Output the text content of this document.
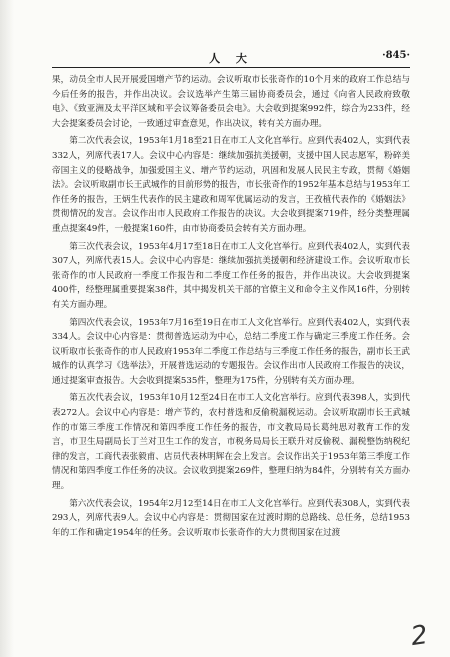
人 大	·845·

果，动员全市人民开展爱国增产节约运动。会议听取市长张奇作的10个月来的政府工作总结与今后任务的报告，并作出决议。会议选举产生第三届协商委员会，通过《向省人民政府致敬电》、《致亚洲及太平洋区域和平会议筹备委员会电》。大会收到提案992件，综合为233件，经大会提案委员会讨论，一致通过审查意见，作出决议，转有关方面办理。

第二次代表会议，1953年1月18至21日在市工人文化宫举行。应到代表402人，实到代表332人，列席代表17人。会议中心内容是：继续加强抗美援朝，支援中国人民志愿军，粉碎美帝国主义的侵略战争，加强爱国主义、增产节约运动，巩固和发展人民民主专政，贯彻《婚姻法》。会议听取副市长王武城作的目前形势的报告，市长张奇作的1952年基本总结与1953年工作任务的报告，王炳生代表作的民主建政和周军优属运动的发言，王孜植代表作的《婚姻法》贯彻情况的发言。会议作出市人民政府工作报告的决议。大会收到提案719件，经分类整理属重点提案49件，一般提案160件，由市协商委员会转有关方面办理。

第三次代表会议，1953年4月17至18日在市工人文化宫举行。应到代表402人，实到代表307人，列席代表15人。会议中心内容是：继续加强抗美援朝和经济建设工作。会议听取市长张奇作的市人民政府一季度工作报告和二季度工作任务的报告，并作出决议。大会收到提案400件，经整理属重要提案38件，其中揭发机关干部的官僚主义和命令主义作风16件，分别转有关方面办理。

第四次代表会议，1953年7月16至19日在市工人文化宫举行。应到代表402人，实到代表334人。会议中心内容是：贯彻普选运动为中心，总结二季度工作与确定三季度工作任务。会议听取市长张奇作的市人民政府1953年二季度工作总结与三季度工作任务的报告，副市长王武城作的认真学习《选举法》，开展普选运动的专题报告。会议作出市人民政府工作报告的决议，通过提案审查报告。大会收到提案535件，整理为175件，分别转有关方面办理。

第五次代表会议，1953年10月12至24日在市工人文化宫举行。应到代表398人，实到代表272人。会议中心内容是：增产节约，农村普选和反偷税漏税运动。会议听取副市长王武城作的市第三季度工作情况和第四季度工作任务的报告，市文教局局长葛纯思对教育工作的发言，市卫生局副局长丁兰对卫生工作的发言，市税务局局长王联升对反偷税、漏税整饬纳税纪律的发言，工商代表张毅甫、店员代表林明辉在会上发言。会议作出关于1953年第三季度工作情况和第四季度工作任务的决议。会议收到提案269件，整理归纳为84件，分别转有关方面办理。

第六次代表会议，1954年2月12至14日在市工人文化宫举行。应到代表308人，实到代表293人，列席代表9人。会议中心内容是：贯彻国家在过渡时期的总路线、总任务，总结1953年的工作和确定1954年的任务。会议听取市长张奇作的大力贯彻国家在过渡

2
